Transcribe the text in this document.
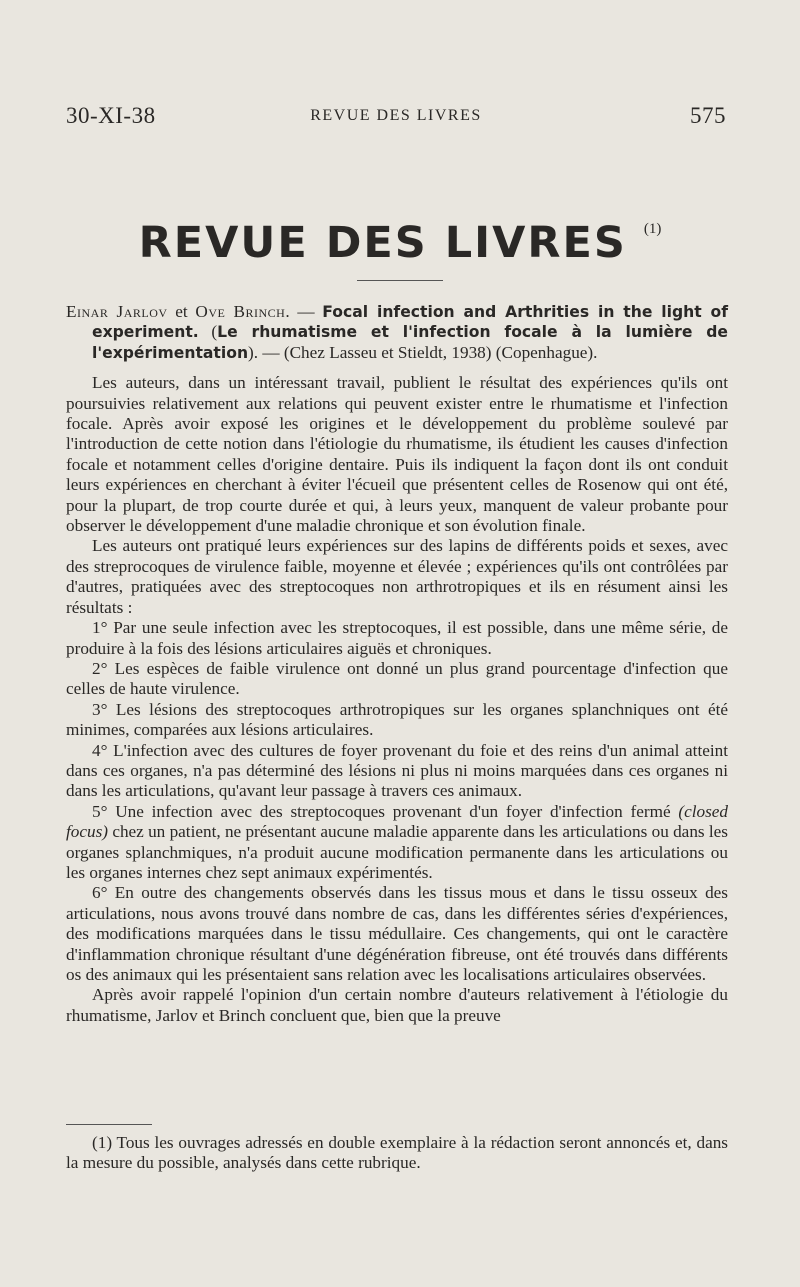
30-XI-38	REVUE DES LIVRES	575
REVUE DES LIVRES $^{(1)}$

Einar Jarlov et Ove Brinch. — Focal infection and Arthrities in the light of experiment. (Le rhumatisme et l'infection focale à la lumière de l'expérimentation). — (Chez Lasseu et Stieldt, 1938) (Copenhague).

Les auteurs, dans un intéressant travail, publient le résultat des expériences qu'ils ont poursuivies relativement aux relations qui peuvent exister entre le rhumatisme et l'infection focale. Après avoir exposé les origines et le développement du problème soulevé par l'introduction de cette notion dans l'étiologie du rhumatisme, ils étudient les causes d'infection focale et notamment celles d'origine dentaire. Puis ils indiquent la façon dont ils ont conduit leurs expériences en cherchant à éviter l'écueil que présentent celles de Rosenow qui ont été, pour la plupart, de trop courte durée et qui, à leurs yeux, manquent de valeur probante pour observer le développement d'une maladie chronique et son évolution finale.

Les auteurs ont pratiqué leurs expériences sur des lapins de différents poids et sexes, avec des streprocoques de virulence faible, moyenne et élevée ; expériences qu'ils ont contrôlées par d'autres, pratiquées avec des streptocoques non arthrotropiques et ils en résument ainsi les résultats :

1° Par une seule infection avec les streptocoques, il est possible, dans une même série, de produire à la fois des lésions articulaires aiguës et chroniques.

2° Les espèces de faible virulence ont donné un plus grand pourcentage d'infection que celles de haute virulence.

3° Les lésions des streptocoques arthrotropiques sur les organes splanchniques ont été minimes, comparées aux lésions articulaires.

4° L'infection avec des cultures de foyer provenant du foie et des reins d'un animal atteint dans ces organes, n'a pas déterminé des lésions ni plus ni moins marquées dans ces organes ni dans les articulations, qu'avant leur passage à travers ces animaux.

5° Une infection avec des streptocoques provenant d'un foyer d'infection fermé (closed focus) chez un patient, ne présentant aucune maladie apparente dans les articulations ou dans les organes splanchmiques, n'a produit aucune modification permanente dans les articulations ou les organes internes chez sept animaux expérimentés.

6° En outre des changements observés dans les tissus mous et dans le tissu osseux des articulations, nous avons trouvé dans nombre de cas, dans les différentes séries d'expériences, des modifications marquées dans le tissu médullaire. Ces changements, qui ont le caractère d'inflammation chronique résultant d'une dégénération fibreuse, ont été trouvés dans différents os des animaux qui les présentaient sans relation avec les localisations articulaires observées.

Après avoir rappelé l'opinion d'un certain nombre d'auteurs relativement à l'étiologie du rhumatisme, Jarlov et Brinch concluent que, bien que la preuve

(1) Tous les ouvrages adressés en double exemplaire à la rédaction seront annoncés et, dans la mesure du possible, analysés dans cette rubrique.
